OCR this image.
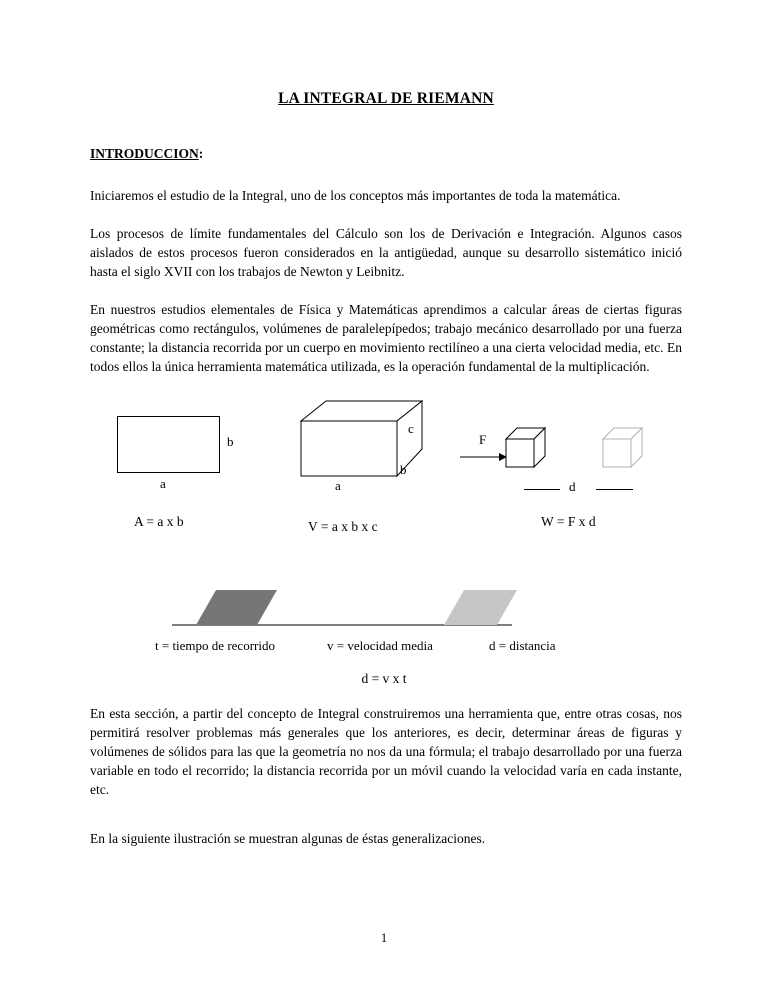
LA INTEGRAL DE RIEMANN
INTRODUCCION:

Iniciaremos el estudio de la Integral, uno de los conceptos más importantes de toda la matemática.

Los procesos de límite fundamentales del Cálculo son los de Derivación e Integración. Algunos casos aislados de estos procesos fueron considerados en la antigüedad, aunque su desarrollo sistemático inició hasta el siglo XVII con los trabajos de Newton y Leibnitz.

En nuestros estudios elementales de Física y Matemáticas aprendimos a calcular áreas de ciertas figuras geométricas como rectángulos, volúmenes de paralelepípedos; trabajo mecánico desarrollado por una fuerza constante; la distancia recorrida por un cuerpo en movimiento rectilíneo a una cierta velocidad media, etc. En todos ellos la única herramienta matemática utilizada, es la operación fundamental de la multiplicación.

b
a
A = a x b
c
b
a
V = a x b x c
F
d
W = F x d
t = tiempo de recorrido	v = velocidad media	d = distancia
d = v x t

En esta sección, a partir del concepto de Integral construiremos una herramienta que, entre otras cosas, nos permitirá resolver problemas más generales que los anteriores, es decir, determinar áreas de figuras y volúmenes de sólidos para las que la geometría no nos da una fórmula; el trabajo desarrollado por una fuerza variable en todo el recorrido; la distancia recorrida por un móvil cuando la velocidad varía en cada instante, etc.

En la siguiente ilustración se muestran algunas de éstas generalizaciones.

1
